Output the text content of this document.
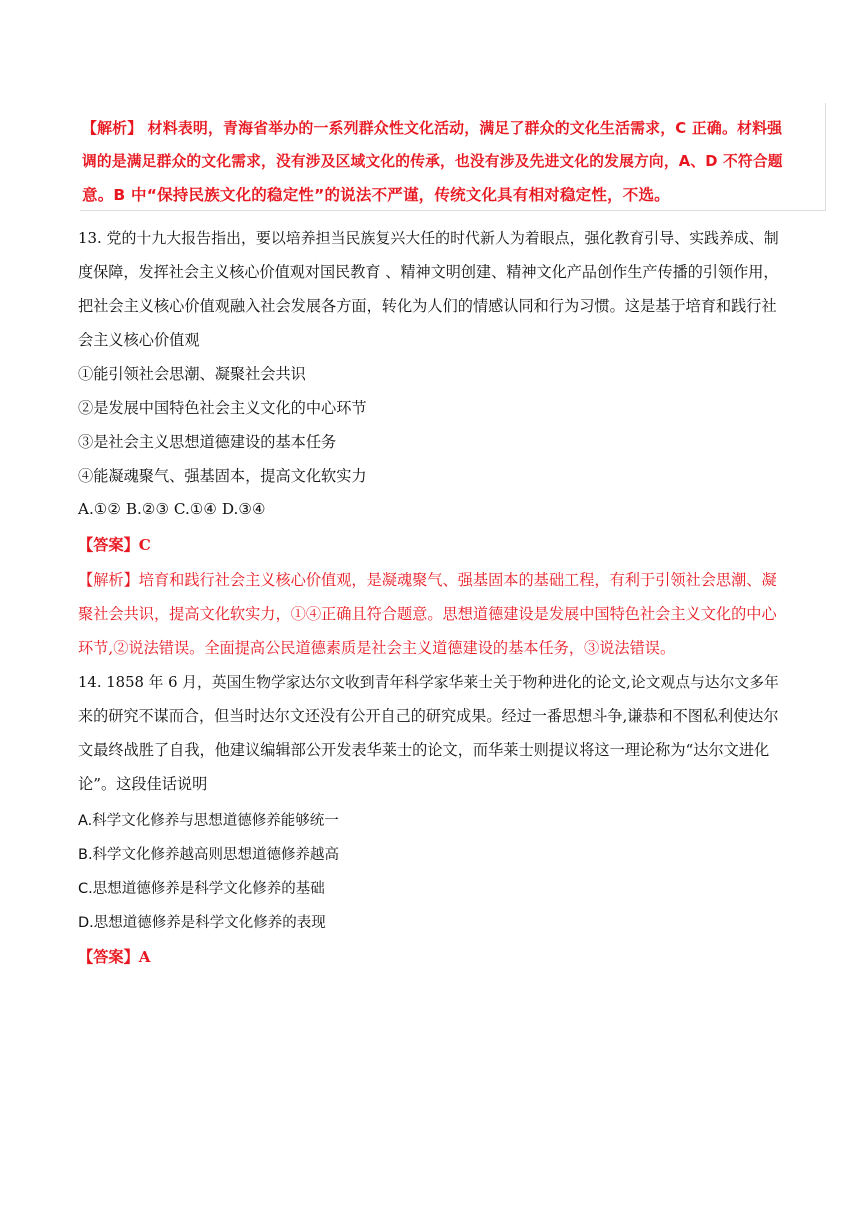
【解析】 材料表明，青海省举办的一系列群众性文化活动，满足了群众的文化生活需求，C 正确。材料强
调的是满足群众的文化需求，没有涉及区域文化的传承，也没有涉及先进文化的发展方向，A、D 不符合题
意。B 中“保持民族文化的稳定性”的说法不严谨，传统文化具有相对稳定性，不选。
13. 党的十九大报告指出，要以培养担当民族复兴大任的时代新人为着眼点，强化教育引导、实践养成、制
度保障，发挥社会主义核心价值观对国民教育 、精神文明创建、精神文化产品创作生产传播的引领作用，
把社会主义核心价值观融入社会发展各方面，转化为人们的情感认同和行为习惯。这是基于培育和践行社
会主义核心价值观
①能引领社会思潮、凝聚社会共识
②是发展中国特色社会主义文化的中心环节
③是社会主义思想道德建设的基本任务
④能凝魂聚气、强基固本，提高文化软实力
A.①② B.②③ C.①④ D.③④
【答案】C
【解析】培育和践行社会主义核心价值观，是凝魂聚气、强基固本的基础工程，有利于引领社会思潮、凝
聚社会共识，提高文化软实力，①④正确且符合题意。思想道德建设是发展中国特色社会主义文化的中心
环节,②说法错误。全面提高公民道德素质是社会主义道德建设的基本任务，③说法错误。
14. 1858 年 6 月，英国生物学家达尔文收到青年科学家华莱士关于物种进化的论文,论文观点与达尔文多年
来的研究不谋而合，但当时达尔文还没有公开自己的研究成果。经过一番思想斗争,谦恭和不图私利使达尔
文最终战胜了自我，他建议编辑部公开发表华莱士的论文，而华莱士则提议将这一理论称为“达尔文进化
论”。这段佳话说明
A.科学文化修养与思想道德修养能够统一
B.科学文化修养越高则思想道德修养越高
C.思想道德修养是科学文化修养的基础
D.思想道德修养是科学文化修养的表现
【答案】A
